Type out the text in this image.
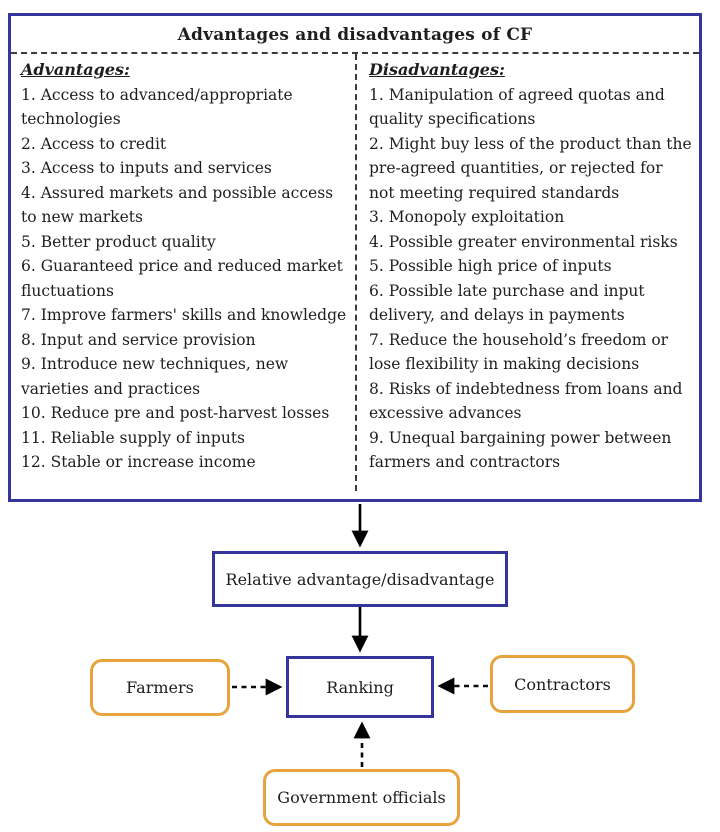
Advantages and disadvantages of CF
Advantages:
1. Access to advanced/appropriate technologies
2. Access to credit
3. Access to inputs and services
4. Assured markets and possible access to new markets
5. Better product quality
6. Guaranteed price and reduced market fluctuations
7. Improve farmers' skills and knowledge
8. Input and service provision
9. Introduce new techniques, new varieties and practices
10. Reduce pre and post-harvest losses
11. Reliable supply of inputs
12. Stable or increase income
Disadvantages:
1. Manipulation of agreed quotas and quality specifications
2. Might buy less of the product than the pre-agreed quantities, or rejected for not meeting required standards
3. Monopoly exploitation
4. Possible greater environmental risks
5. Possible high price of inputs
6. Possible late purchase and input delivery, and delays in payments
7. Reduce the household’s freedom or lose flexibility in making decisions
8. Risks of indebtedness from loans and excessive advances
9. Unequal bargaining power between farmers and contractors
Relative advantage/disadvantage
Ranking
Farmers	Contractors
Government officials
